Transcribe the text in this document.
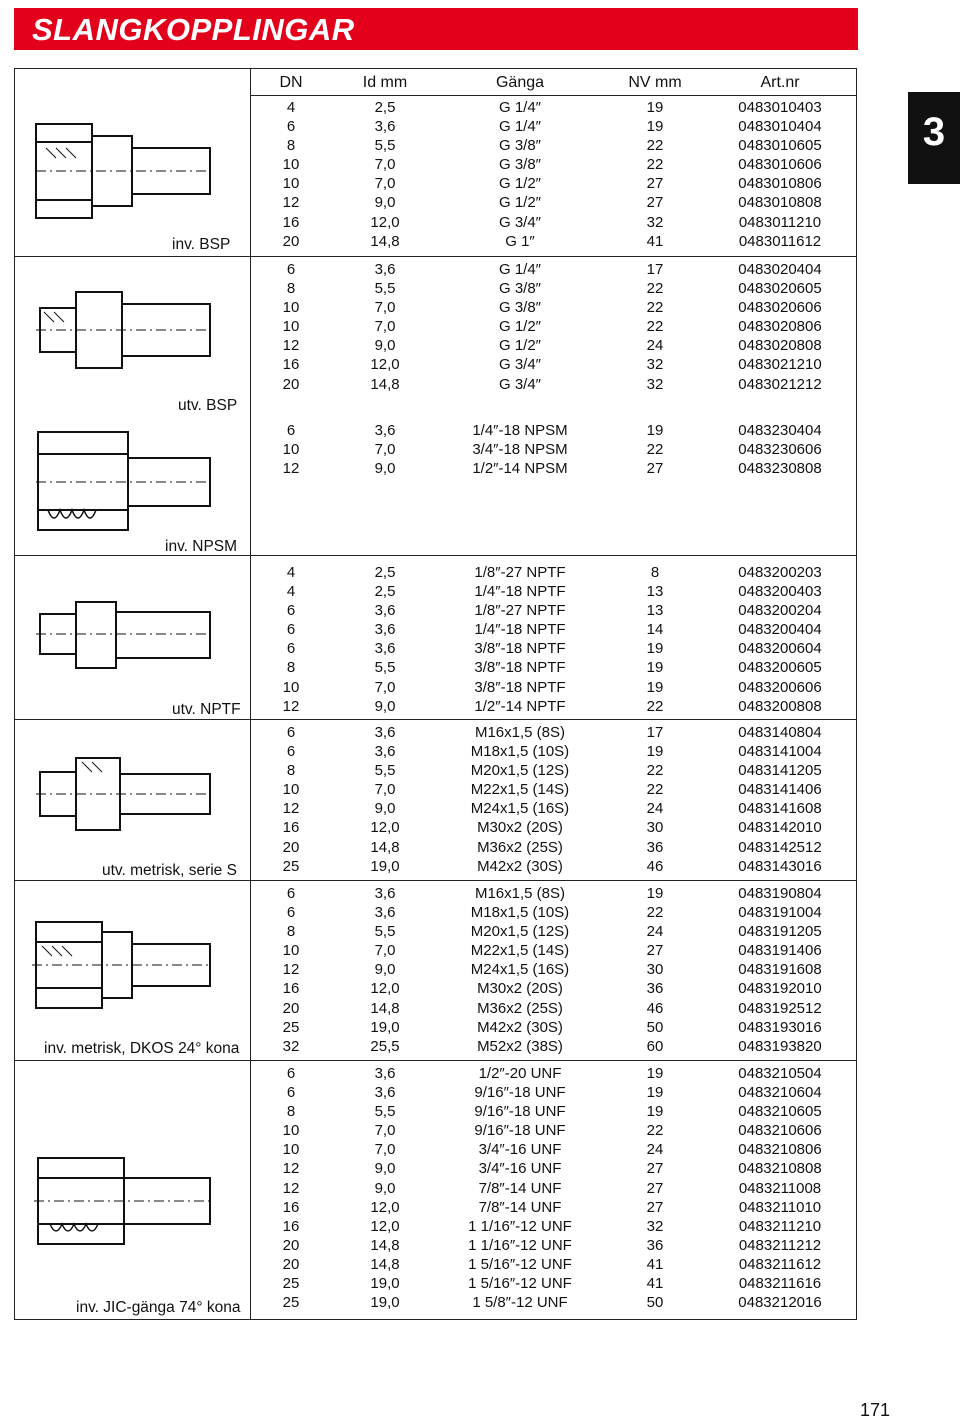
SLANGKOPPLINGAR
3
DN	Id mm	Gänga	NV mm	Art.nr
inv. BSP
utv. BSP
inv. NPSM
utv. NPTF
utv. metrisk, serie S
inv. metrisk, DKOS 24° kona
inv. JIC-gänga 74° kona
4	2,5	G 1/4″	19	0483010403
6	3,6	G 1/4″	19	0483010404
8	5,5	G 3/8″	22	0483010605
10	7,0	G 3/8″	22	0483010606
10	7,0	G 1/2″	27	0483010806
12	9,0	G 1/2″	27	0483010808
16	12,0	G 3/4″	32	0483011210
20	14,8	G 1″	41	0483011612
6	3,6	G 1/4″	17	0483020404
8	5,5	G 3/8″	22	0483020605
10	7,0	G 3/8″	22	0483020606
10	7,0	G 1/2″	22	0483020806
12	9,0	G 1/2″	24	0483020808
16	12,0	G 3/4″	32	0483021210
20	14,8	G 3/4″	32	0483021212
6	3,6	1/4″-18 NPSM	19	0483230404
10	7,0	3/4″-18 NPSM	22	0483230606
12	9,0	1/2″-14 NPSM	27	0483230808
4	2,5	1/8″-27 NPTF	8	0483200203
4	2,5	1/4″-18 NPTF	13	0483200403
6	3,6	1/8″-27 NPTF	13	0483200204
6	3,6	1/4″-18 NPTF	14	0483200404
6	3,6	3/8″-18 NPTF	19	0483200604
8	5,5	3/8″-18 NPTF	19	0483200605
10	7,0	3/8″-18 NPTF	19	0483200606
12	9,0	1/2″-14 NPTF	22	0483200808
6	3,6	M16x1,5 (8S)	17	0483140804
6	3,6	M18x1,5 (10S)	19	0483141004
8	5,5	M20x1,5 (12S)	22	0483141205
10	7,0	M22x1,5 (14S)	22	0483141406
12	9,0	M24x1,5 (16S)	24	0483141608
16	12,0	M30x2 (20S)	30	0483142010
20	14,8	M36x2 (25S)	36	0483142512
25	19,0	M42x2 (30S)	46	0483143016
6	3,6	M16x1,5 (8S)	19	0483190804
6	3,6	M18x1,5 (10S)	22	0483191004
8	5,5	M20x1,5 (12S)	24	0483191205
10	7,0	M22x1,5 (14S)	27	0483191406
12	9,0	M24x1,5 (16S)	30	0483191608
16	12,0	M30x2 (20S)	36	0483192010
20	14,8	M36x2 (25S)	46	0483192512
25	19,0	M42x2 (30S)	50	0483193016
32	25,5	M52x2 (38S)	60	0483193820
6	3,6	1/2″-20 UNF	19	0483210504
6	3,6	9/16″-18 UNF	19	0483210604
8	5,5	9/16″-18 UNF	19	0483210605
10	7,0	9/16″-18 UNF	22	0483210606
10	7,0	3/4″-16 UNF	24	0483210806
12	9,0	3/4″-16 UNF	27	0483210808
12	9,0	7/8″-14 UNF	27	0483211008
16	12,0	7/8″-14 UNF	27	0483211010
16	12,0	1 1/16″-12 UNF	32	0483211210
20	14,8	1 1/16″-12 UNF	36	0483211212
20	14,8	1 5/16″-12 UNF	41	0483211612
25	19,0	1 5/16″-12 UNF	41	0483211616
25	19,0	1 5/8″-12 UNF	50	0483212016
171
